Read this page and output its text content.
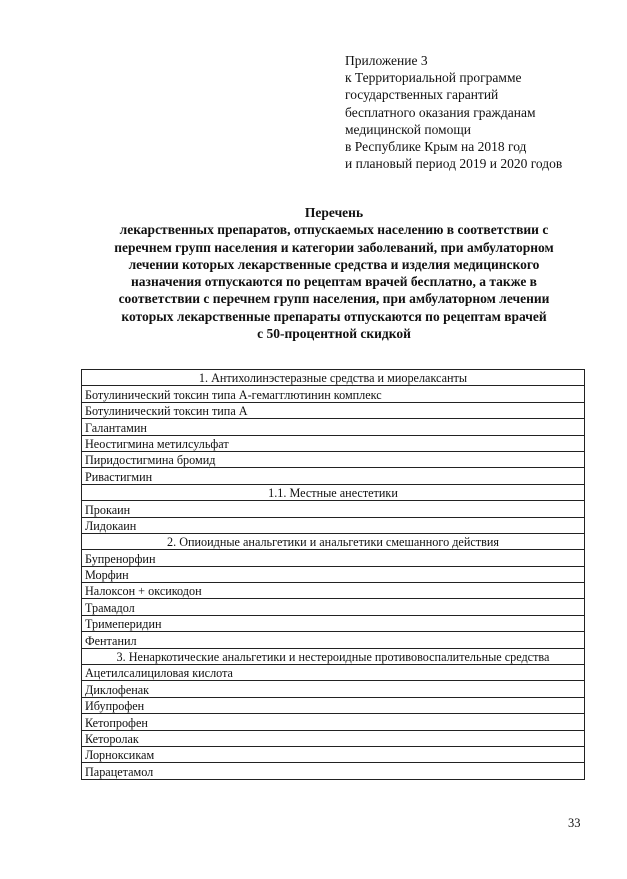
Приложение 3
к Территориальной программе
государственных гарантий
бесплатного оказания гражданам
медицинской помощи
в Республике Крым на 2018 год
и плановый период 2019 и 2020 годов
Перечень
лекарственных препаратов, отпускаемых населению в соответствии с
перечнем групп населения и категории заболеваний, при амбулаторном
лечении которых лекарственные средства и изделия медицинского
назначения отпускаются по рецептам врачей бесплатно, а также в
соответствии с перечнем групп населения, при амбулаторном лечении
которых лекарственные препараты отпускаются по рецептам врачей
с 50-процентной скидкой
1. Антихолинэстеразные средства и миорелаксанты
Ботулинический токсин типа А-гемагглютинин комплекс
Ботулинический токсин типа А
Галантамин
Неостигмина метилсульфат
Пиридостигмина бромид
Ривастигмин
1.1. Местные анестетики
Прокаин
Лидокаин
2. Опиоидные анальгетики и анальгетики смешанного действия
Бупренорфин
Морфин
Налоксон + оксикодон
Трамадол
Тримеперидин
Фентанил
3. Ненаркотические анальгетики и нестероидные противовоспалительные средства
Ацетилсалициловая кислота
Диклофенак
Ибупрофен
Кетопрофен
Кеторолак
Лорноксикам
Парацетамол
33
